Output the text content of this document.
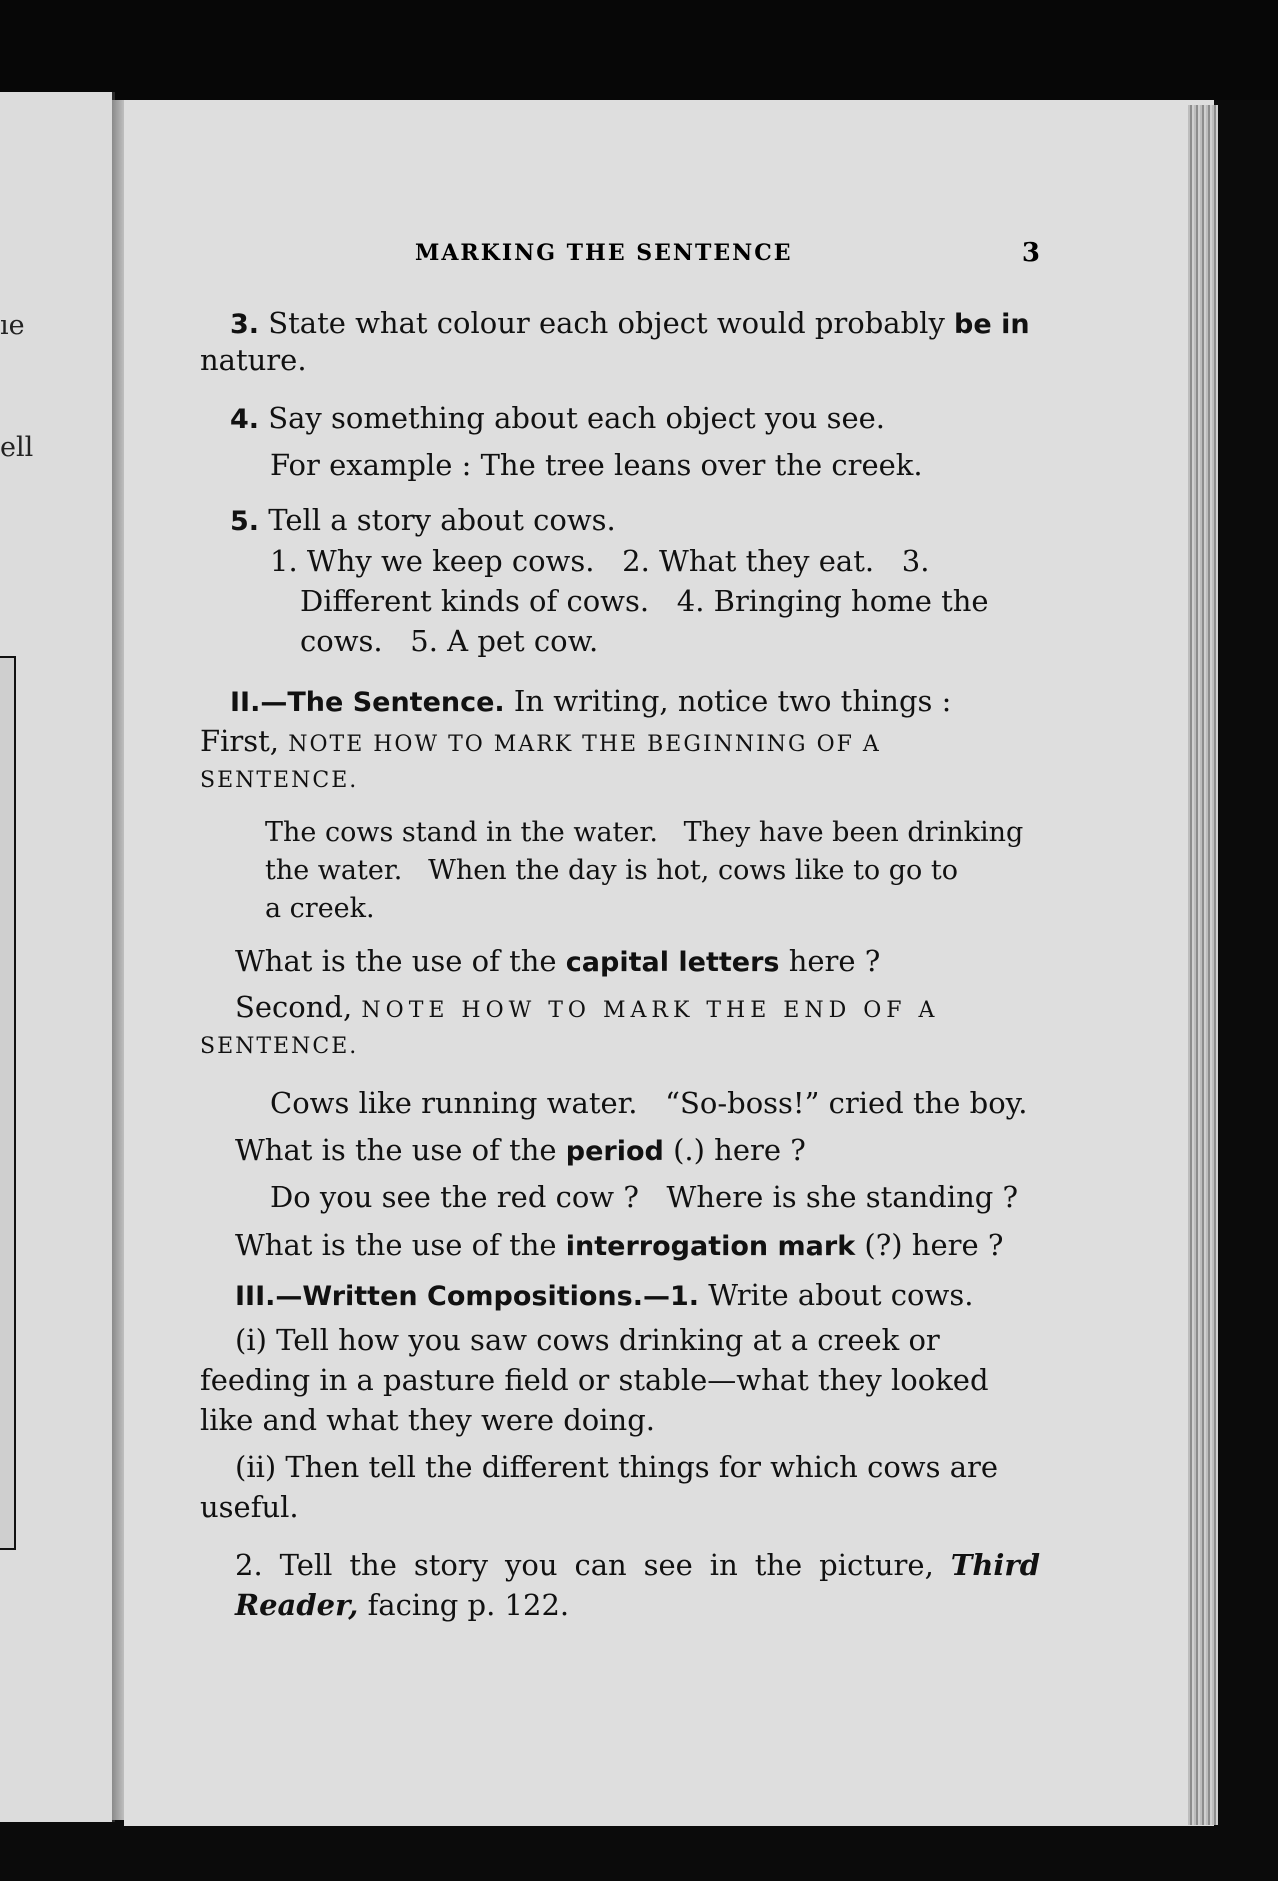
ıe
ell
MARKING THE SENTENCE	3
3. State what colour each object would probably be in
nature.
4. Say something about each object you see.
For example : The tree leans over the creek.
5. Tell a story about cows.
1. Why we keep cows.   2. What they eat.   3.
Different kinds of cows.   4. Bringing home the
cows.   5. A pet cow.
II.—The Sentence. In writing, notice two things :
First, NOTE HOW TO MARK THE BEGINNING OF A
SENTENCE.
The cows stand in the water.   They have been drinking
the water.   When the day is hot, cows like to go to
a creek.
What is the use of the capital letters here ?
Second, NOTE HOW TO MARK THE END OF A
SENTENCE.
Cows like running water.   “So-boss!” cried the boy.
What is the use of the period (.) here ?
Do you see the red cow ?   Where is she standing ?
What is the use of the interrogation mark (?) here ?
III.—Written Compositions.—1. Write about cows.
(i) Tell how you saw cows drinking at a creek or
feeding in a pasture field or stable—what they looked
like and what they were doing.
(ii) Then tell the different things for which cows are
useful.
2. Tell the story you can see in the picture, Third Reader, facing p. 122.
